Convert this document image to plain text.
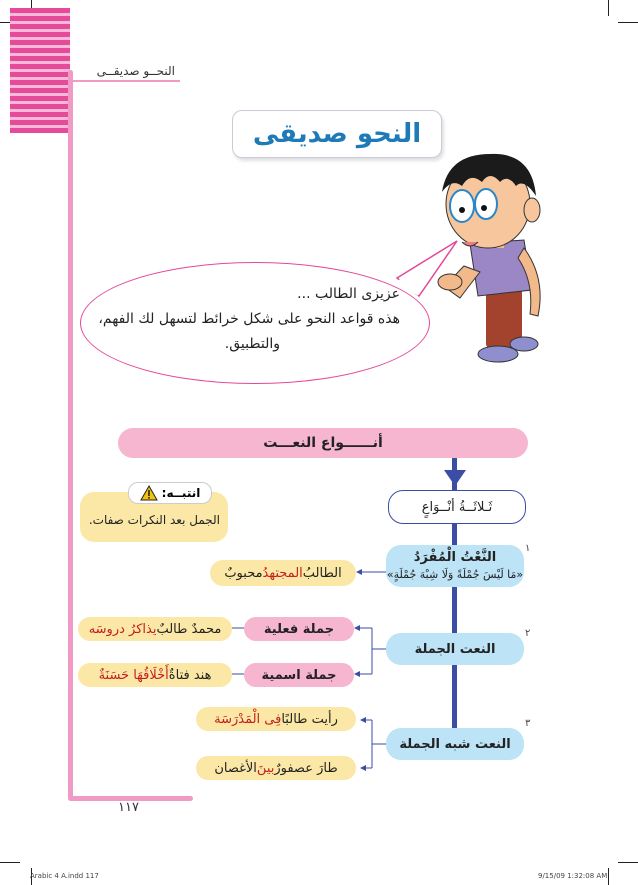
النحــو صديقــى
١١٧
النحو صديقى
عزيزى الطالب ...
هذه قواعد النحو على شكل خرائط لتسهل لك الفهم،
والتطبيق.
أنــــــواع النعـــت
ثَـلاثَــةُ أنْــوَاعٍ
انتبــه:
الجمل بعد النكرات صفات.
النَّعْتُ الْمُفْرَدُ
«مَا لَيْسَ جُمْلَةً وَلَا شِبْهَ جُمْلَةٍ»
١
النعت الجملة
٢
النعت شبه الجملة
٣
الطالبُ
المجتهدُ
محبوبٌ
جملة فعلية
محمدٌ طالبٌ
يذاكرُ دروسَه
جملة اسمية
هند فتاةٌ
أَخْلَاقُهَا حَسَنَةٌ
رأيت طالبًا
فِى الْمَدْرَسَة
طارَ عصفورٌ
بينَ
الأغصان
Arabic 4 A.indd 117	9/15/09 1:32:08 AM
